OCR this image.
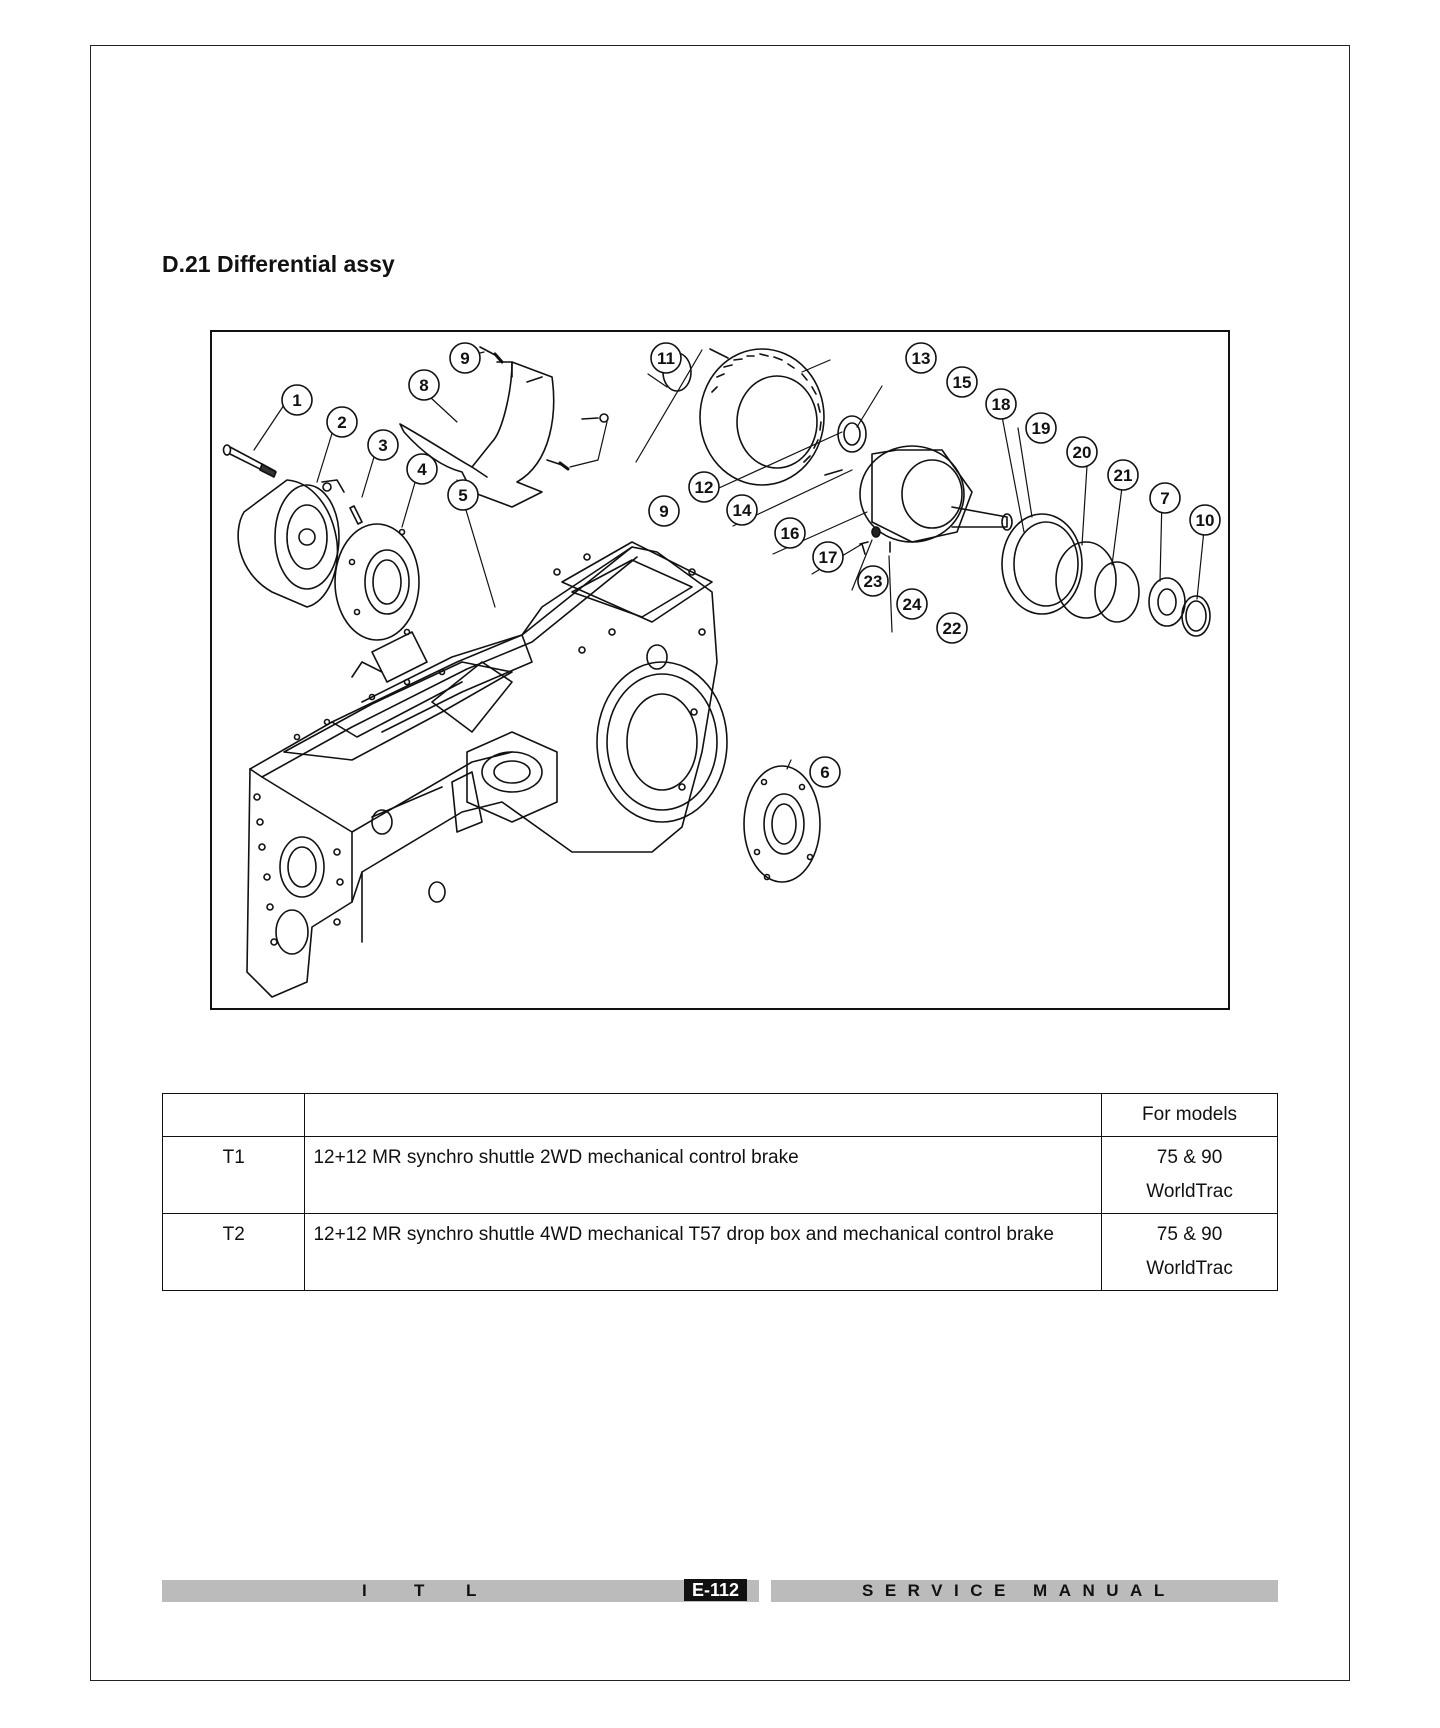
D.21 Differential assy
1
2
3
4
5
6
7
8
9
9	10
11
12
13
14
15
16
17
18
19
20
21
22
23
24
		For models
T1	12+12 MR synchro shuttle 2WD mechanical control brake	75 & 90
WorldTrac

T2	12+12 MR synchro shuttle 4WD mechanical T57 drop box and mechanical control brake	75 & 90
WorldTrac
I	T L	E-112	SERVICE MANUAL
